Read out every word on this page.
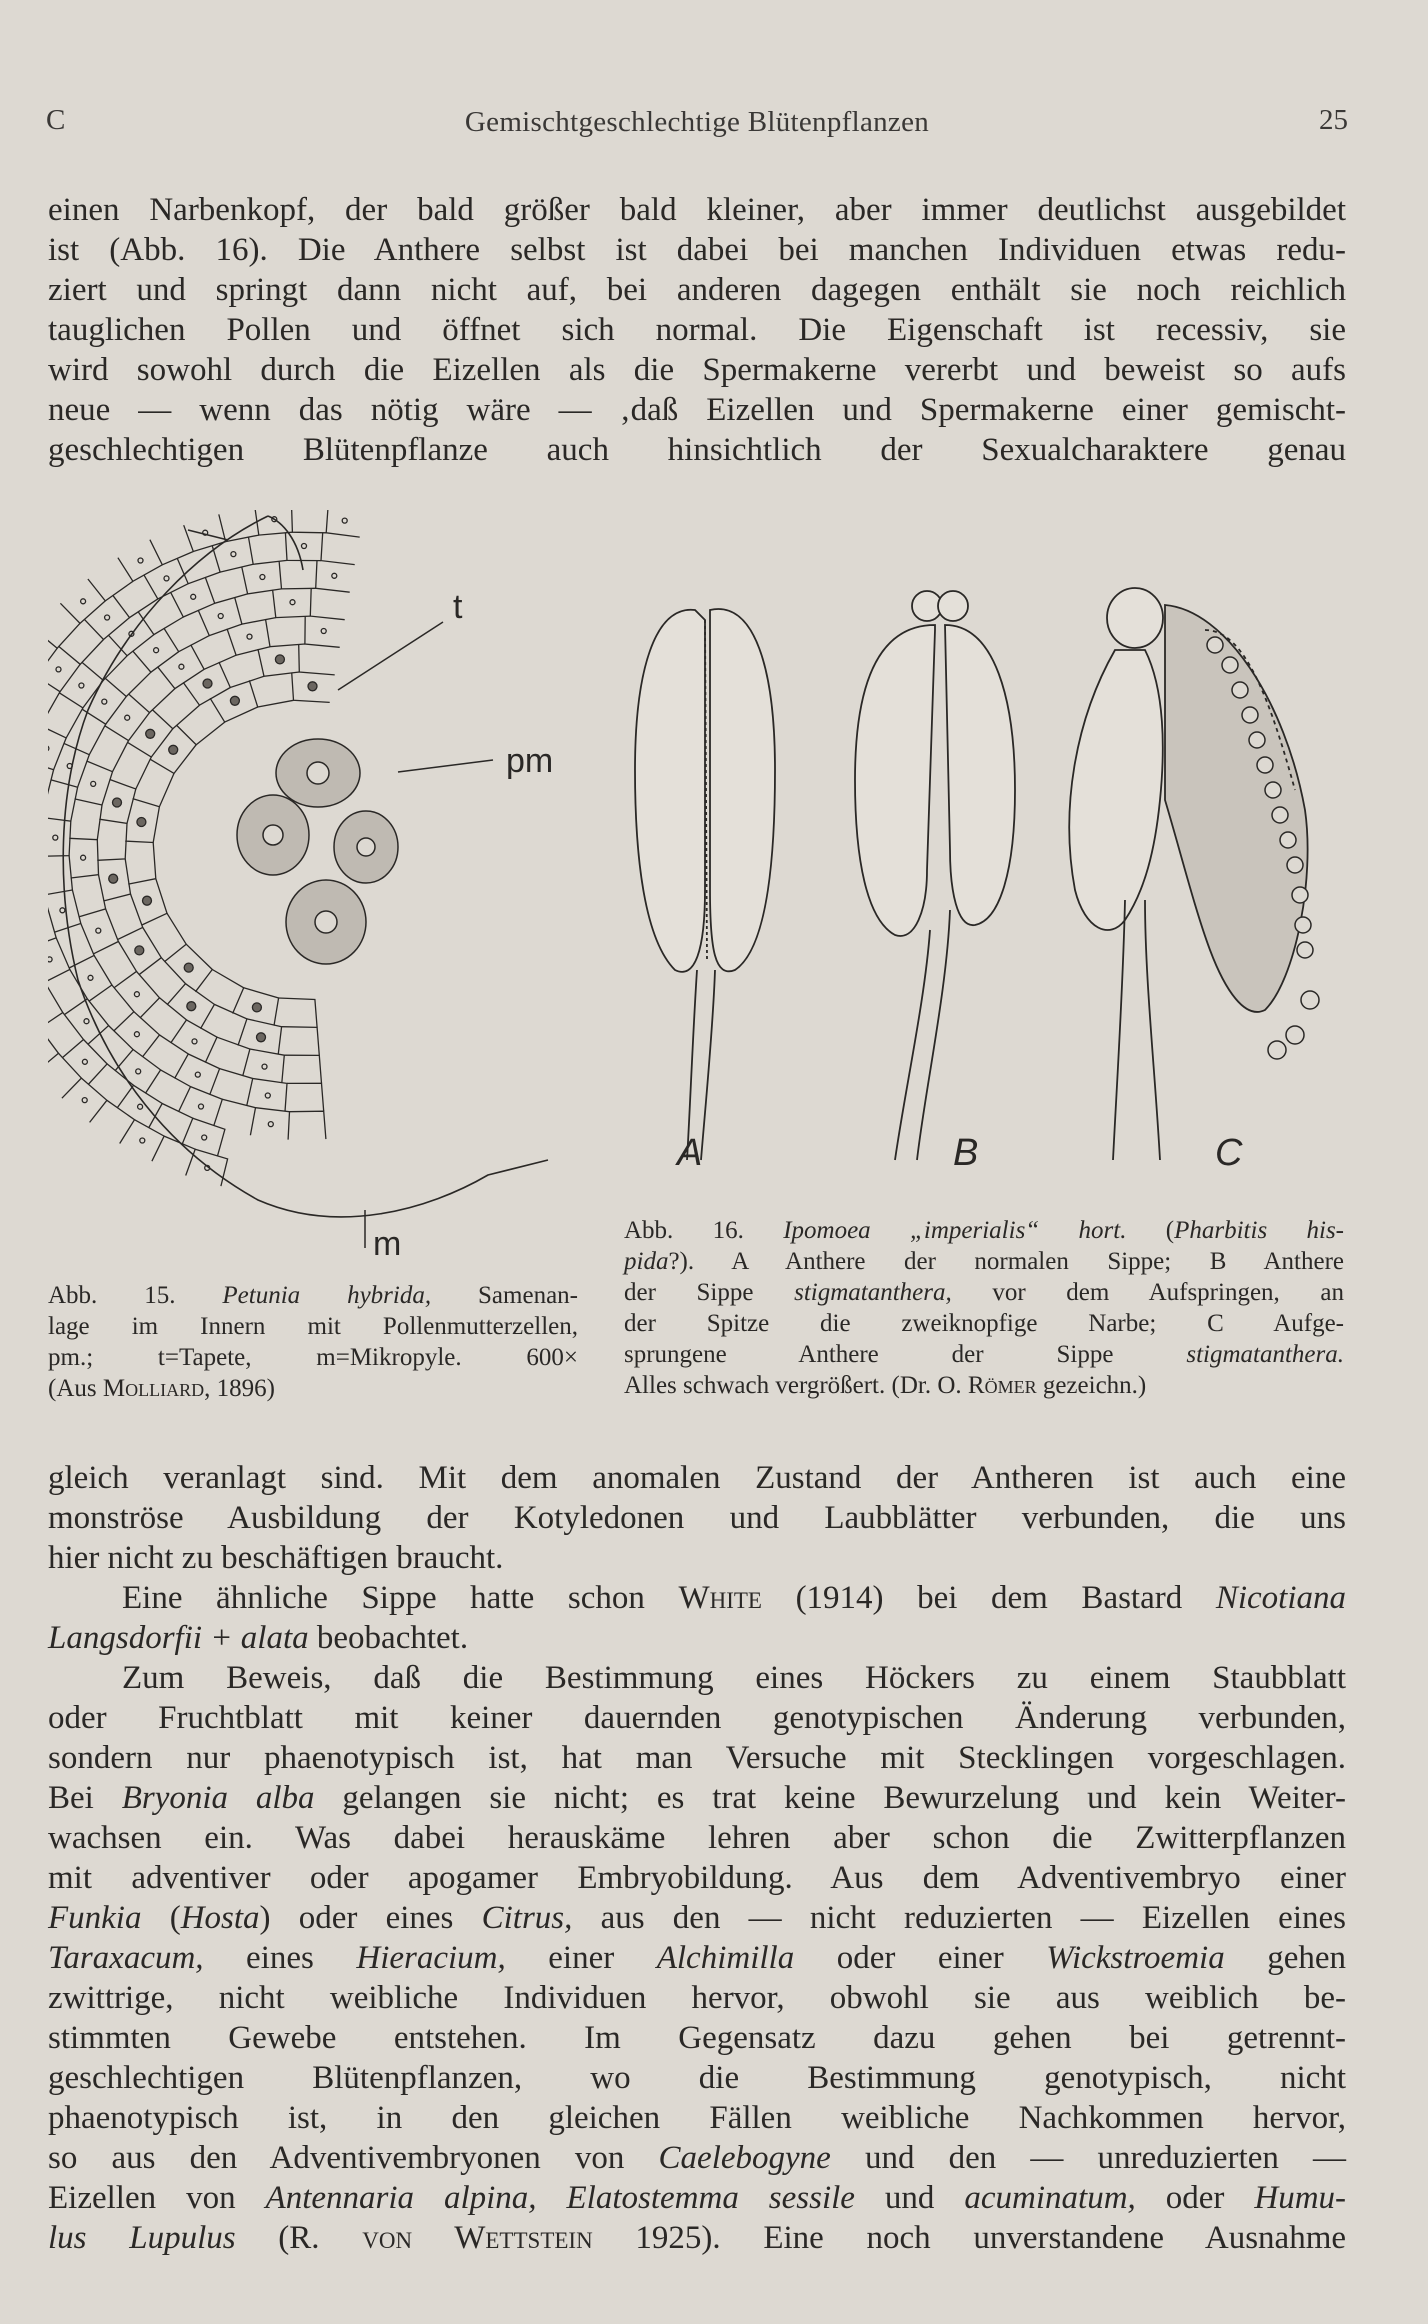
C	Gemischtgeschlechtige Blütenpflanzen	25
einen Narbenkopf, der bald größer bald kleiner, aber immer deutlichst ausgebildet
ist (Abb. 16). Die Anthere selbst ist dabei bei manchen Individuen etwas redu-
ziert und springt dann nicht auf, bei anderen dagegen enthält sie noch reichlich
tauglichen Pollen und öffnet sich normal. Die Eigenschaft ist recessiv, sie
wird sowohl durch die Eizellen als die Spermakerne vererbt und beweist so aufs
neue — wenn das nötig wäre — ‚daß Eizellen und Spermakerne einer gemischt-
geschlechtigen Blütenpflanze auch hinsichtlich der Sexualcharaktere genau
t
pm
m
A	B	C
Abb. 15. Petunia hybrida, Samenan-
lage im Innern mit Pollenmutterzellen,
pm.; t=Tapete, m=Mikropyle. 600×
(Aus Molliard, 1896)
Abb. 16. Ipomoea „imperialis“ hort. (Pharbitis his-
pida?). A Anthere der normalen Sippe; B Anthere
der Sippe stigmatanthera, vor dem Aufspringen, an
der Spitze die zweiknopfige Narbe; C Aufge-
sprungene Anthere der Sippe stigmatanthera.
Alles schwach vergrößert. (Dr. O. Römer gezeichn.)
gleich veranlagt sind. Mit dem anomalen Zustand der Antheren ist auch eine
monströse Ausbildung der Kotyledonen und Laubblätter verbunden, die uns
hier nicht zu beschäftigen braucht.
Eine ähnliche Sippe hatte schon White (1914) bei dem Bastard Nicotiana
Langsdorfii + alata beobachtet.
Zum Beweis, daß die Bestimmung eines Höckers zu einem Staubblatt
oder Fruchtblatt mit keiner dauernden genotypischen Änderung verbunden,
sondern nur phaenotypisch ist, hat man Versuche mit Stecklingen vorgeschlagen.
Bei Bryonia alba gelangen sie nicht; es trat keine Bewurzelung und kein Weiter-
wachsen ein. Was dabei herauskäme lehren aber schon die Zwitterpflanzen
mit adventiver oder apogamer Embryobildung. Aus dem Adventivembryo einer
Funkia (Hosta) oder eines Citrus, aus den — nicht reduzierten — Eizellen eines
Taraxacum, eines Hieracium, einer Alchimilla oder einer Wickstroemia gehen
zwittrige, nicht weibliche Individuen hervor, obwohl sie aus weiblich be-
stimmten Gewebe entstehen. Im Gegensatz dazu gehen bei getrennt-
geschlechtigen Blütenpflanzen, wo die Bestimmung genotypisch, nicht
phaenotypisch ist, in den gleichen Fällen weibliche Nachkommen hervor,
so aus den Adventivembryonen von Caelebogyne und den — unreduzierten —
Eizellen von Antennaria alpina, Elatostemma sessile und acuminatum, oder Humu-
lus Lupulus (R. von Wettstein 1925). Eine noch unverstandene Ausnahme
